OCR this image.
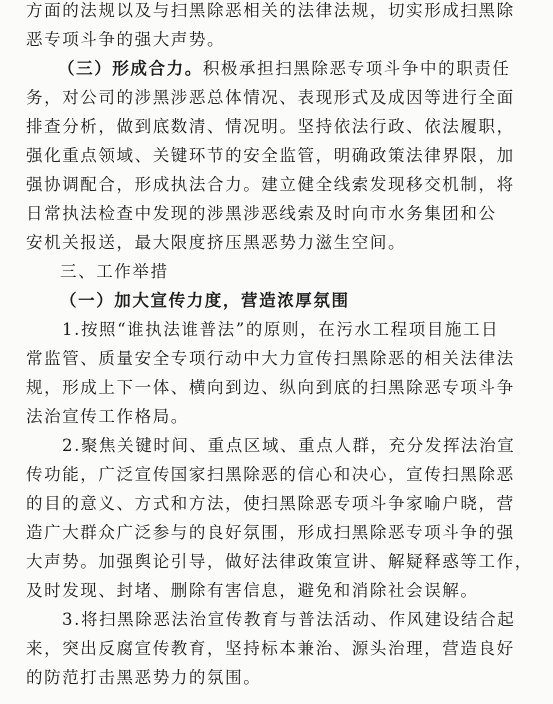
方面的法规以及与扫黑除恶相关的法律法规，切实形成扫黑除
恶专项斗争的强大声势。
（三）形成合力。积极承担扫黑除恶专项斗争中的职责任
务，对公司的涉黑涉恶总体情况、表现形式及成因等进行全面
排查分析，做到底数清、情况明。坚持依法行政、依法履职，
强化重点领域、关键环节的安全监管，明确政策法律界限，加
强协调配合，形成执法合力。建立健全线索发现移交机制，将
日常执法检查中发现的涉黑涉恶线索及时向市水务集团和公
安机关报送，最大限度挤压黑恶势力滋生空间。
三、工作举措
（一）加大宣传力度，营造浓厚氛围
1.按照“谁执法谁普法”的原则，在污水工程项目施工日
常监管、质量安全专项行动中大力宣传扫黑除恶的相关法律法
规，形成上下一体、横向到边、纵向到底的扫黑除恶专项斗争
法治宣传工作格局。
2.聚焦关键时间、重点区域、重点人群，充分发挥法治宣
传功能，广泛宣传国家扫黑除恶的信心和决心，宣传扫黑除恶
的目的意义、方式和方法，使扫黑除恶专项斗争家喻户晓，营
造广大群众广泛参与的良好氛围，形成扫黑除恶专项斗争的强
大声势。加强舆论引导，做好法律政策宣讲、解疑释惑等工作，
及时发现、封堵、删除有害信息，避免和消除社会误解。
3.将扫黑除恶法治宣传教育与普法活动、作风建设结合起
来，突出反腐宣传教育，坚持标本兼治、源头治理，营造良好
的防范打击黑恶势力的氛围。
